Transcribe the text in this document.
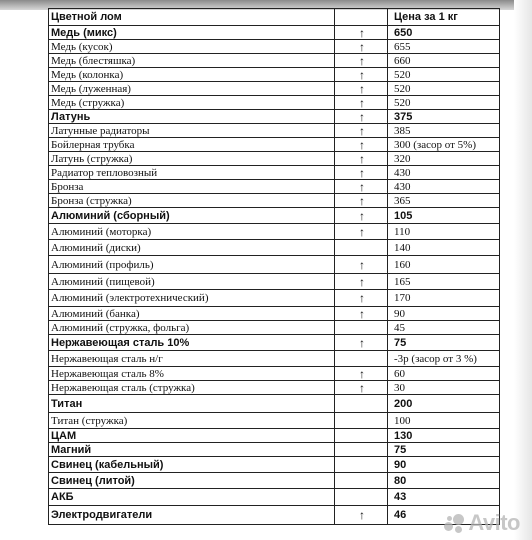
Цветной лом		Цена за 1 кг
Медь (микс)	↑	650
Медь (кусок)	↑	655
Медь (блестяшка)	↑	660
Медь (колонка)	↑	520
Медь (луженная)	↑	520
Медь (стружка)	↑	520
Латунь	↑	375
Латунные радиаторы	↑	385
Бойлерная трубка	↑	300 (засор от 5%)
Латунь (стружка)	↑	320
Радиатор тепловозный	↑	430
Бронза	↑	430
Бронза (стружка)	↑	365
Алюминий (сборный)	↑	105
Алюминий (моторка)	↑	110
Алюминий (диски)		140
Алюминий (профиль)	↑	160
Алюминий (пищевой)	↑	165
Алюминий (электротехнический)	↑	170
Алюминий (банка)	↑	90
Алюминий (стружка, фольга)		45
Нержавеющая сталь 10%	↑	75
Нержавеющая сталь н/г		-3р (засор от 3 %)
Нержавеющая сталь 8%	↑	60
Нержавеющая сталь (стружка)	↑	30
Титан		200
Титан (стружка)		100
ЦАМ		130
Магний		75
Свинец (кабельный)		90
Свинец (литой)		80
АКБ		43
Электродвигатели	↑	46	Avito
